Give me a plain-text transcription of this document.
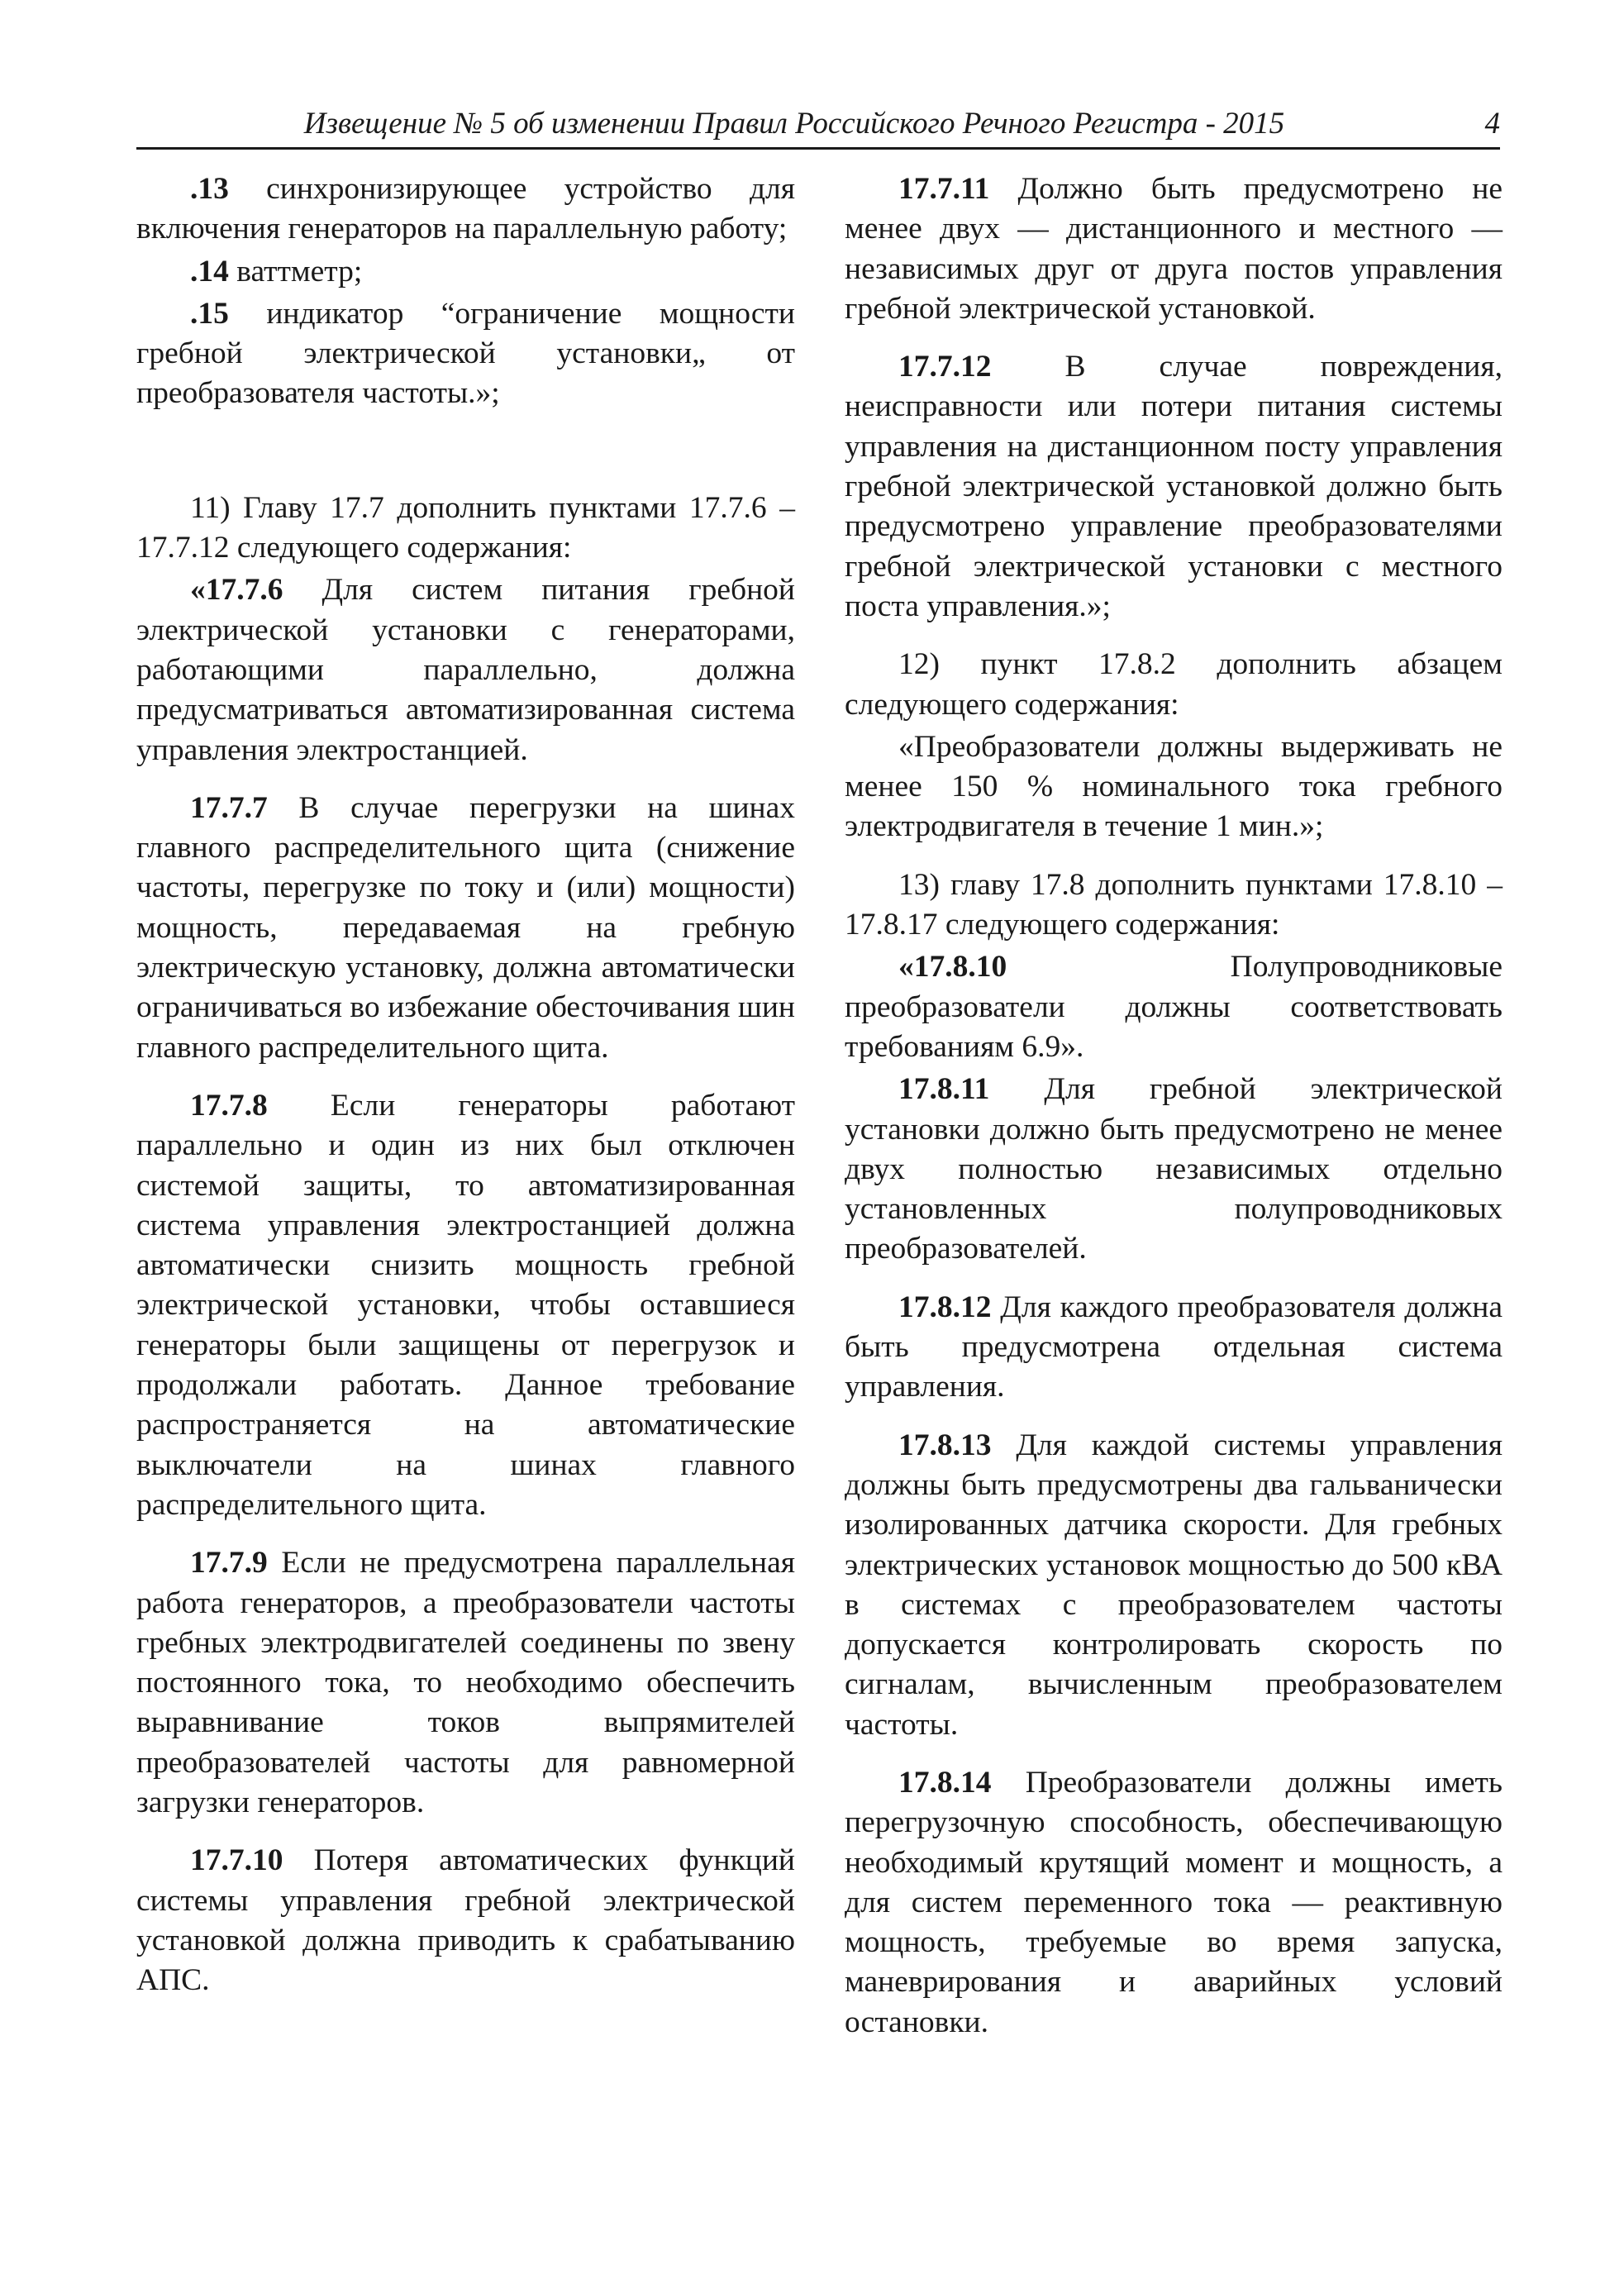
Извещение № 5 об изменении Правил Российского Речного Регистра - 2015	4

.13 синхронизирующее устройство для включения генераторов на параллельную работу;

.14 ваттметр;

.15 индикатор “ограничение мощности гребной электрической установки„ от преобразователя частоты.»;

11) Главу 17.7 дополнить пунктами 17.7.6 – 17.7.12 следующего содержания:

«17.7.6 Для систем питания гребной электрической установки с генераторами, работающими параллельно, должна предусматриваться автоматизированная система управления электростанцией.

17.7.7 В случае перегрузки на шинах главного распределительного щита (снижение частоты, перегрузке по току и (или) мощности) мощность, передаваемая на гребную электрическую установку, должна автоматически ограничиваться во избежание обесточивания шин главного распределительного щита.

17.7.8 Если генераторы работают параллельно и один из них был отключен системой защиты, то автоматизированная система управления электростанцией должна автоматически снизить мощность гребной электрической установки, чтобы оставшиеся генераторы были защищены от перегрузок и продолжали работать. Данное требование распространяется на автоматические выключатели на шинах главного распределительного щита.

17.7.9 Если не предусмотрена параллельная работа генераторов, а преобразователи частоты гребных электродвигателей соединены по звену постоянного тока, то необходимо обеспечить выравнивание токов выпрямителей преобразователей частоты для равномерной загрузки генераторов.

17.7.10 Потеря автоматических функций системы управления гребной электрической установкой должна приводить к срабатыванию АПС.

17.7.11 Должно быть предусмотрено не менее двух — дистанционного и местного — независимых друг от друга постов управления гребной электрической установкой.

17.7.12 В случае повреждения, неисправности или потери питания системы управления на дистанционном посту управления гребной электрической установкой должно быть предусмотрено управление преобразователями гребной электрической установки с местного поста управления.»;

12) пункт 17.8.2 дополнить абзацем следующего содержания:

«Преобразователи должны выдерживать не менее 150 % номинального тока гребного электродвигателя в течение 1 мин.»;

13) главу 17.8 дополнить пунктами 17.8.10 – 17.8.17 следующего содержания:

«17.8.10 Полупроводниковые преобразователи должны соответствовать требованиям 6.9».

17.8.11 Для гребной электрической установки должно быть предусмотрено не менее двух полностью независимых отдельно установленных полупроводниковых преобразователей.

17.8.12 Для каждого преобразователя должна быть предусмотрена отдельная система управления.

17.8.13 Для каждой системы управления должны быть предусмотрены два гальванически изолированных датчика скорости. Для гребных электрических установок мощностью до 500 кВА в системах с преобразователем частоты допускается контролировать скорость по сигналам, вычисленным преобразователем частоты.

17.8.14 Преобразователи должны иметь перегрузочную способность, обеспечивающую необходимый крутящий момент и мощность, а для систем переменного тока — реактивную мощность, требуемые во время запуска, маневрирования и аварийных условий остановки.
